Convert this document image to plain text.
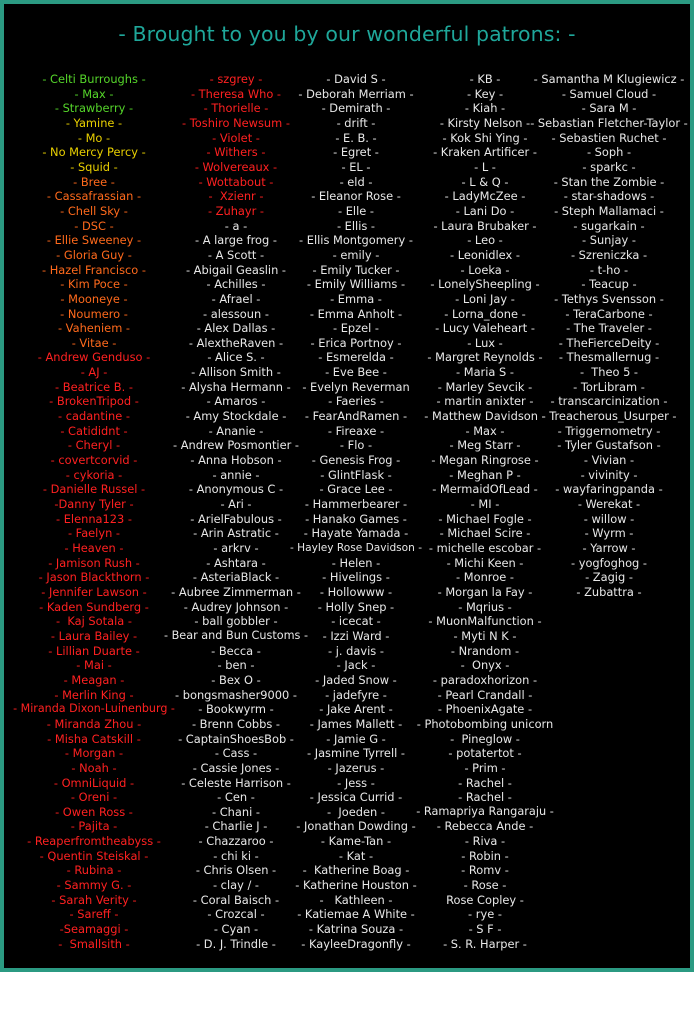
- Brought to you by our wonderful patrons: -
- Celti Burroughs -
- Max -
- Strawberry -
- Yamine -
- Mo -
- No Mercy Percy -
- Squid -
- Bree -
- Cassafrassian -
- Chell Sky -
- DSC -
- Ellie Sweeney -
- Gloria Guy -
- Hazel Francisco -
- Kim Poce -
- Mooneye -
- Noumero -
- Vaheniem -
- Vitae -
- Andrew Genduso -
- AJ -
- Beatrice B. -
- BrokenTripod -
- cadantine -
- Catididnt -
- Cheryl -
- covertcorvid -
- cykoria -
- Danielle Russel -
-Danny Tyler -
- Elenna123 -
- Faelyn -
- Heaven -
- Jamison Rush -
- Jason Blackthorn -
- Jennifer Lawson -
- Kaden Sundberg -
-  Kaj Sotala -
- Laura Bailey -
- Lillian Duarte -
- Mai -
- Meagan -
- Merlin King -
- Miranda Dixon-Luinenburg -
- Miranda Zhou -
- Misha Catskill -
- Morgan -
- Noah -
- OmniLiquid -
- Oreni -
- Owen Ross -
- Pajita -
- Reaperfromtheabyss -
- Quentin Steiskal -
- Rubina -
- Sammy G. -
- Sarah Verity -
- Sareff -
-Seamaggi -
-  Smallsith -
- szgrey -
- Theresa Who -
- Thorielle -
- Toshiro Newsum -
- Violet -
- Withers -
- Wolvereaux -
- Wottabout -
-  Xzienr -
- Zuhayr -
- a -
- A large frog -
- A Scott -
- Abigail Geaslin -
- Achilles -
- Afrael -
- alessoun -
- Alex Dallas -
- AlextheRaven -
- Alice S. -
- Allison Smith -
- Alysha Hermann -
- Amaros -
- Amy Stockdale -
- Ananie -
- Andrew Posmontier -
- Anna Hobson -
- annie -
- Anonymous C -
- Ari -
- ArielFabulous -
- Arin Astratic -
- arkrv -
- Ashtara -
- AsteriaBlack -
- Aubree Zimmerman -
- Audrey Johnson -
- ball gobbler -
- Bear and Bun Customs -
- Becca -
- ben -
- Bex O -
- bongsmasher9000 -
- Bookwyrm -
- Brenn Cobbs -
- CaptainShoesBob -
- Cass -
- Cassie Jones -
- Celeste Harrison -
- Cen -
- Chani -
- Charlie J -
- Chazzaroo -
- chi ki -
- Chris Olsen -
- clay / -
- Coral Baisch -
- Crozcal -
- Cyan -
- D. J. Trindle -
- David S -
- Deborah Merriam -
- Demirath -
- drift -
- E. B. -
- Egret -
- EL -
- eld -
- Eleanor Rose -
- Elle -
- Ellis -
- Ellis Montgomery -
- emily -
- Emily Tucker -
- Emily Williams -
- Emma -
- Emma Anholt -
- Epzel -
- Erica Portnoy -
- Esmerelda -
- Eve Bee -
- Evelyn Reverman
- Faeries -
- FearAndRamen -
- Fireaxe -
- Flo -
- Genesis Frog -
- GlintFlask -
- Grace Lee -
- Hammerbearer -
- Hanako Games -
- Hayate Yamada -
- Hayley Rose Davidson -
- Helen -
- Hivelings -
- Hollowww -
- Holly Snep -
- icecat -
- Izzi Ward -
- j. davis -
- Jack -
- Jaded Snow -
- jadefyre -
- Jake Arent -
- James Mallett -
- Jamie G -
- Jasmine Tyrrell -
- Jazerus -
- Jess -
- Jessica Currid -
-  Joeden -
- Jonathan Dowding -
- Kame-Tan -
- Kat -
-  Katherine Boag -
- Katherine Houston -
-   Kathleen -
- Katiemae A White -
- Katrina Souza -
- KayleeDragonfly -
- KB -
- Key -
- Kiah -
- Kirsty Nelson -
- Kok Shi Ying -
- Kraken Artificer -
- L -
- L & Q -
- LadyMcZee -
- Lani Do -
- Laura Brubaker -
- Leo -
- Leonidlex -
- Loeka -
- LonelySheepling -
- Loni Jay -
- Lorna_done -
- Lucy Valeheart -
- Lux -
- Margret Reynolds -
- Maria S -
- Marley Sevcik -
- martin anixter -
- Matthew Davidson -
- Max -
- Meg Starr -
- Megan Ringrose -
- Meghan P -
- MermaidOfLead -
- MI -
- Michael Fogle -
- Michael Scire -
- michelle escobar -
- Michi Keen -
- Monroe -
- Morgan la Fay -
- Mqrius -
- MuonMalfunction -
- Myti N K -
- Nrandom -
-  Onyx -
- paradoxhorizon -
- Pearl Crandall -
- PhoenixAgate -
- Photobombing unicorn
-  Pineglow -
- potatertot -
- Prim -
- Rachel -
- Rachel -
- Ramapriya Rangaraju -
- Rebecca Ande -
- Riva -
- Robin -
- Romv -
- Rose -
Rose Copley -
- rye -
- S F -
- S. R. Harper -
- Samantha M Klugiewicz -
- Samuel Cloud -
- Sara M -
- Sebastian Fletcher-Taylor -
- Sebastien Ruchet -
- Soph -
- sparkc -
- Stan the Zombie -
- star-shadows -
- Steph Mallamaci -
- sugarkain -
- Sunjay -
- Szreniczka -
- t-ho -
- Teacup -
- Tethys Svensson -
- TeraCarbone -
- The Traveler -
- TheFierceDeity -
- Thesmallernug -
-  Theo 5 -
- TorLibram -
- transcarcinization -
- Treacherous_Usurper -
- Triggernometry -
- Tyler Gustafson -
- Vivian -
- vivinity -
- wayfaringpanda -
- Werekat -
- willow -
- Wyrm -
- Yarrow -
- yogfoghog -
- Zagig -
- Zubattra -
